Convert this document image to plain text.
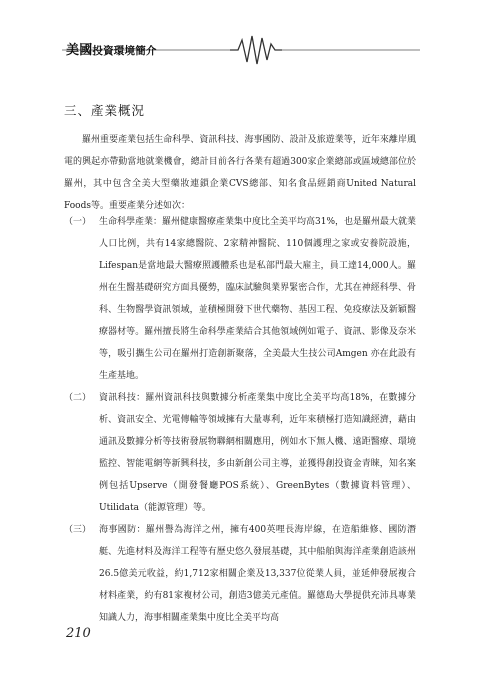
美國投資環境簡介
三、產業概況
羅州重要產業包括生命科學、資訊科技、海事國防、設計及旅遊業等，近年來離岸風電的興起亦帶動當地就業機會，總計目前各行各業有超過300家企業總部或區域總部位於羅州，其中包含全美大型藥妝連鎖企業CVS總部、知名食品經銷商United Natural Foods等。重要產業分述如次：
（一） 生命科學產業：羅州健康醫療產業集中度比全美平均高31%，也是羅州最大就業人口比例，共有14家總醫院、2家精神醫院、110個護理之家或安養院設施，Lifespan是當地最大醫療照護體系也是私部門最大雇主，員工達14,000人。羅州在生醫基礎研究方面具優勢，臨床試驗與業界緊密合作，尤其在神經科學、骨科、生物醫學資訊領域，並積極開發下世代藥物、基因工程、免疫療法及新穎醫療器材等。羅州擅長將生命科學產業結合其他領域例如電子、資訊、影像及奈米等，吸引攜生公司在羅州打造創新聚落，全美最大生技公司Amgen 亦在此設有生產基地。
（二） 資訊科技：羅州資訊科技與數據分析產業集中度比全美平均高18%，在數據分析、資訊安全、光電傳輸等領域擁有大量專利，近年來積極打造知識經濟，藉由通訊及數據分析等技術發展物聯網相關應用，例如水下無人機、遠距醫療、環境監控、智能電網等新興科技，多由新創公司主導，並獲得創投資金青睞，知名案例包括Upserve（開發餐廳POS系統）、GreenBytes（數據資料管理）、Utilidata（能源管理）等。
（三） 海事國防：羅州譽為海洋之州，擁有400英哩長海岸線，在造船維修、國防潛艇、先進材料及海洋工程等有歷史悠久發展基礎，其中船舶與海洋產業創造該州26.5億美元收益，約1,712家相關企業及13,337位從業人員，並延伸發展複合材料產業，約有81家複材公司，創造3億美元產值。羅德島大學提供充沛具專業知識人力，海事相關產業集中度比全美平均高
210
